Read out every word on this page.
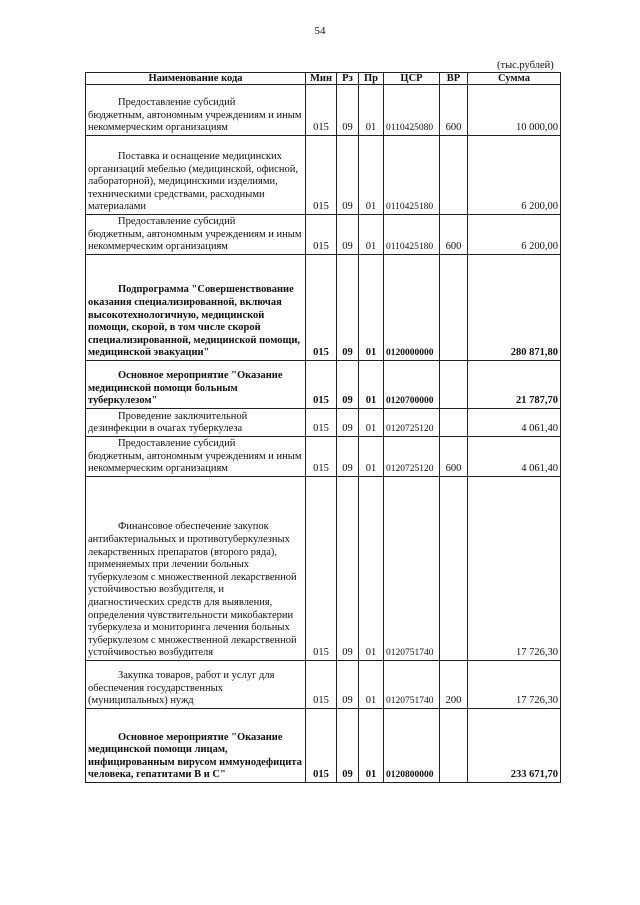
54
(тыс.рублей)
Наименование кода	Мин	Рз	Пр	ЦСР	ВР	Сумма
Предоставление субсидий
бюджетным, автономным учреждениям и иным некоммерческим организациям	015	09	01	0110425080	600	10 000,00
Поставка и оснащение медицинских
организаций мебелью (медицинской, офисной, лабораторной), медицинскими изделиями, техническими средствами, расходными материалами	015	09	01	0110425180		6 200,00
Предоставление субсидий
бюджетным, автономным учреждениям и иным некоммерческим организациям	015	09	01	0110425180	600	6 200,00
Подпрограмма "Совершенствование
оказания специализированной, включая высокотехнологичную, медицинской помощи, скорой, в том числе скорой специализированной, медицинской помощи, медицинской эвакуации"	015	09	01	0120000000		280 871,80
Основное мероприятие "Оказание
медицинской помощи больным туберкулезом"	015	09	01	0120700000		21 787,70
Проведение заключительной
дезинфекции в очагах туберкулеза	015	09	01	0120725120		4 061,40
Предоставление субсидий
бюджетным, автономным учреждениям и иным некоммерческим организациям	015	09	01	0120725120	600	4 061,40
Финансовое обеспечение закупок
антибактериальных и противотуберкулезных лекарственных препаратов (второго ряда), применяемых при лечении больных туберкулезом с множественной лекарственной устойчивостью возбудителя, и диагностических средств для выявления, определения чувствительности микобактерии туберкулеза и мониторинга лечения больных туберкулезом с множественной лекарственной устойчивостью возбудителя	015	09	01	0120751740		17 726,30
Закупка товаров, работ и услуг для
обеспечения государственных (муниципальных) нужд	015	09	01	0120751740	200	17 726,30
Основное мероприятие "Оказание
медицинской помощи лицам, инфицированным вирусом иммунодефицита человека, гепатитами В и С"	015	09	01	0120800000		233 671,70
